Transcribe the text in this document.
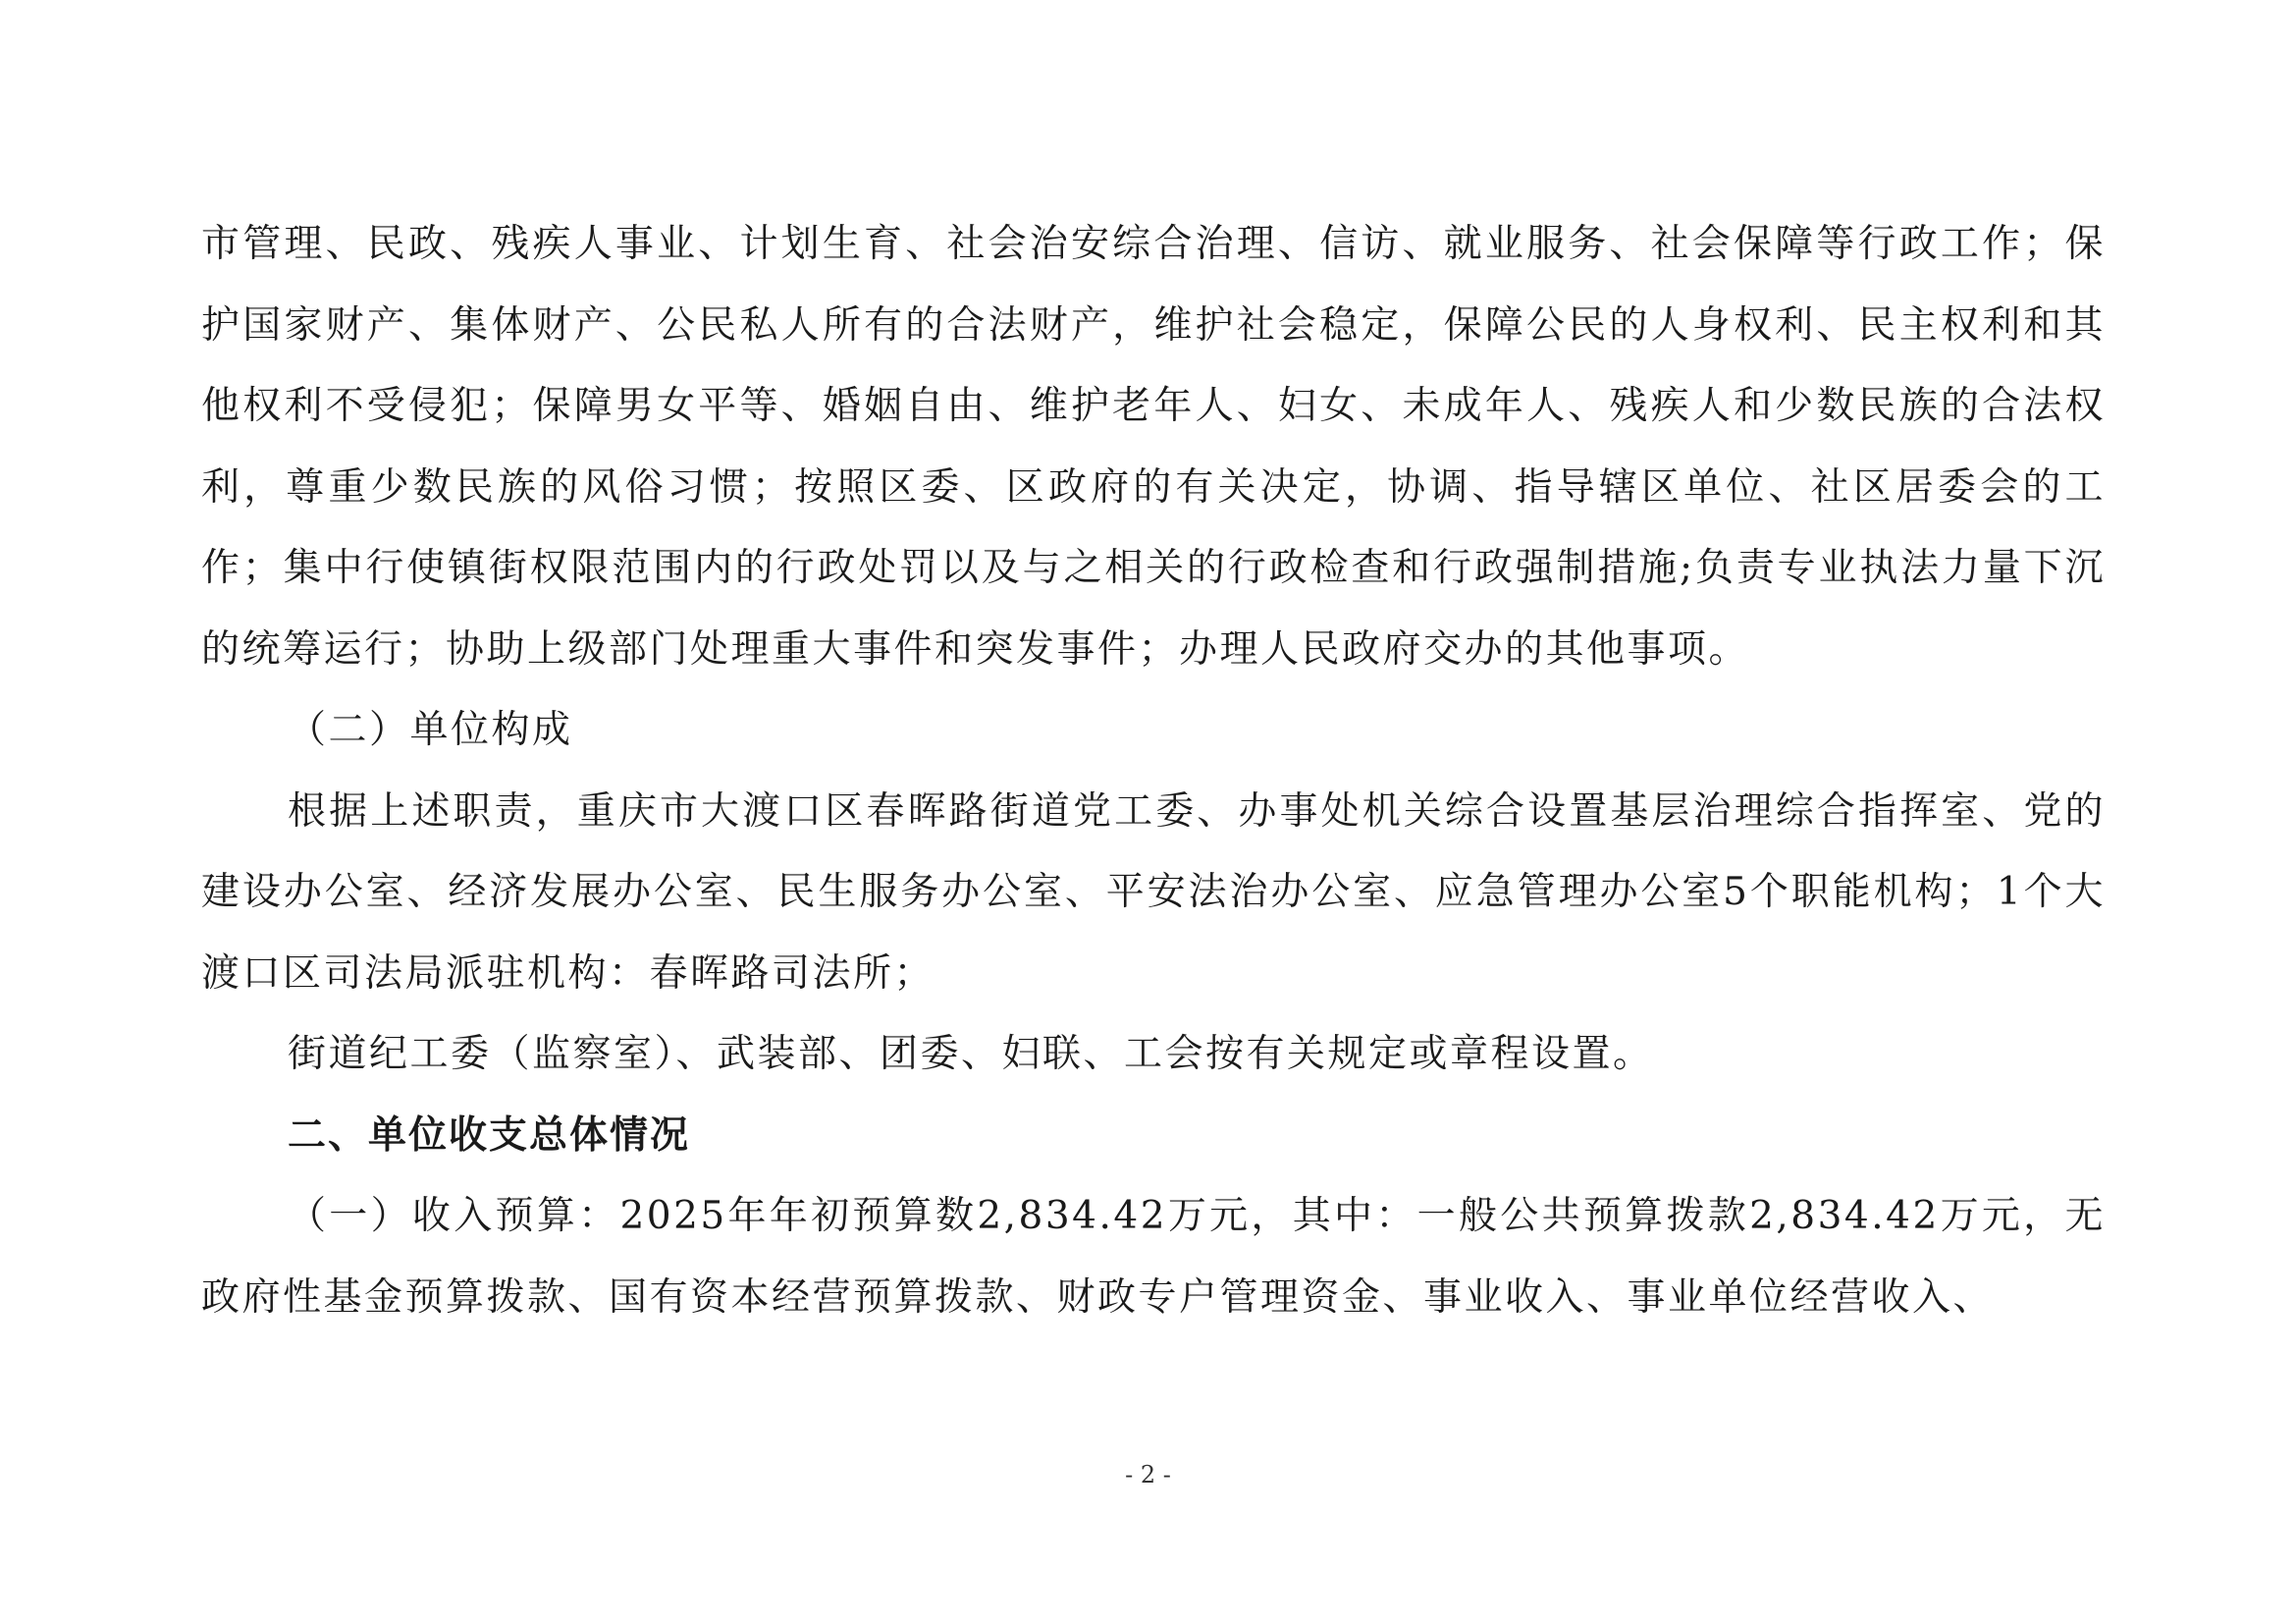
市管理、民政、残疾人事业、计划生育、社会治安综合治理、信访、就业服务、社会保障等行政工作；保护国家财产、集体财产、公民私人所有的合法财产，维护社会稳定，保障公民的人身权利、民主权利和其他权利不受侵犯；保障男女平等、婚姻自由、维护老年人、妇女、未成年人、残疾人和少数民族的合法权利，尊重少数民族的风俗习惯；按照区委、区政府的有关决定，协调、指导辖区单位、社区居委会的工作；集中行使镇街权限范围内的行政处罚以及与之相关的行政检查和行政强制措施;负责专业执法力量下沉的统筹运行；协助上级部门处理重大事件和突发事件；办理人民政府交办的其他事项。

（二）单位构成

根据上述职责，重庆市大渡口区春晖路街道党工委、办事处机关综合设置基层治理综合指挥室、党的建设办公室、经济发展办公室、民生服务办公室、平安法治办公室、应急管理办公室5个职能机构；1个大渡口区司法局派驻机构：春晖路司法所；

街道纪工委（监察室）、武装部、团委、妇联、工会按有关规定或章程设置。

二、单位收支总体情况

（一）收入预算：2025年年初预算数2,834.42万元，其中：一般公共预算拨款2,834.42万元，无政府性基金预算拨款、国有资本经营预算拨款、财政专户管理资金、事业收入、事业单位经营收入、

- 2 -
